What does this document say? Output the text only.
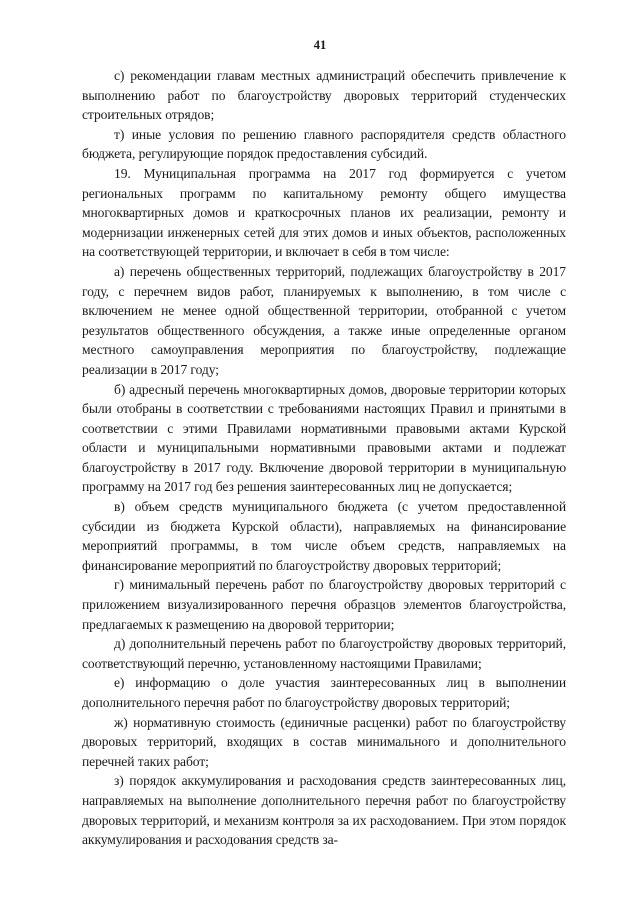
41

с) рекомендации главам местных администраций обеспечить привлечение к выполнению работ по благоустройству дворовых территорий студенческих строительных отрядов;

т) иные условия по решению главного распорядителя средств областного бюджета, регулирующие порядок предоставления субсидий.

19. Муниципальная программа на 2017 год формируется с учетом региональных программ по капитальному ремонту общего имущества многоквартирных домов и краткосрочных планов их реализации, ремонту и модернизации инженерных сетей для этих домов и иных объектов, расположенных на соответствующей территории, и включает в себя в том числе:

а) перечень общественных территорий, подлежащих благоустройству в 2017 году, с перечнем видов работ, планируемых к выполнению, в том числе с включением не менее одной общественной территории, отобранной с учетом результатов общественного обсуждения, а также иные определенные органом местного самоуправления мероприятия по благоустройству, подлежащие реализации в 2017 году;

б) адресный перечень многоквартирных домов, дворовые территории которых были отобраны в соответствии с требованиями настоящих Правил и принятыми в соответствии с этими Правилами нормативными правовыми актами Курской области и муниципальными нормативными правовыми актами и подлежат благоустройству в 2017 году. Включение дворовой территории в муниципальную программу на 2017 год без решения заинтересованных лиц не допускается;

в) объем средств муниципального бюджета (с учетом предоставленной субсидии из бюджета Курской области), направляемых на финансирование мероприятий программы, в том числе объем средств, направляемых на финансирование мероприятий по благоустройству дворовых территорий;

г) минимальный перечень работ по благоустройству дворовых территорий с приложением визуализированного перечня образцов элементов благоустройства, предлагаемых к размещению на дворовой территории;

д) дополнительный перечень работ по благоустройству дворовых территорий, соответствующий перечню, установленному настоящими Правилами;

е) информацию о доле участия заинтересованных лиц в выполнении дополнительного перечня работ по благоустройству дворовых территорий;

ж) нормативную стоимость (единичные расценки) работ по благоустройству дворовых территорий, входящих в состав минимального и дополнительного перечней таких работ;

з) порядок аккумулирования и расходования средств заинтересованных лиц, направляемых на выполнение дополнительного перечня работ по благоустройству дворовых территорий, и механизм контроля за их расходованием. При этом порядок аккумулирования и расходования средств за-
